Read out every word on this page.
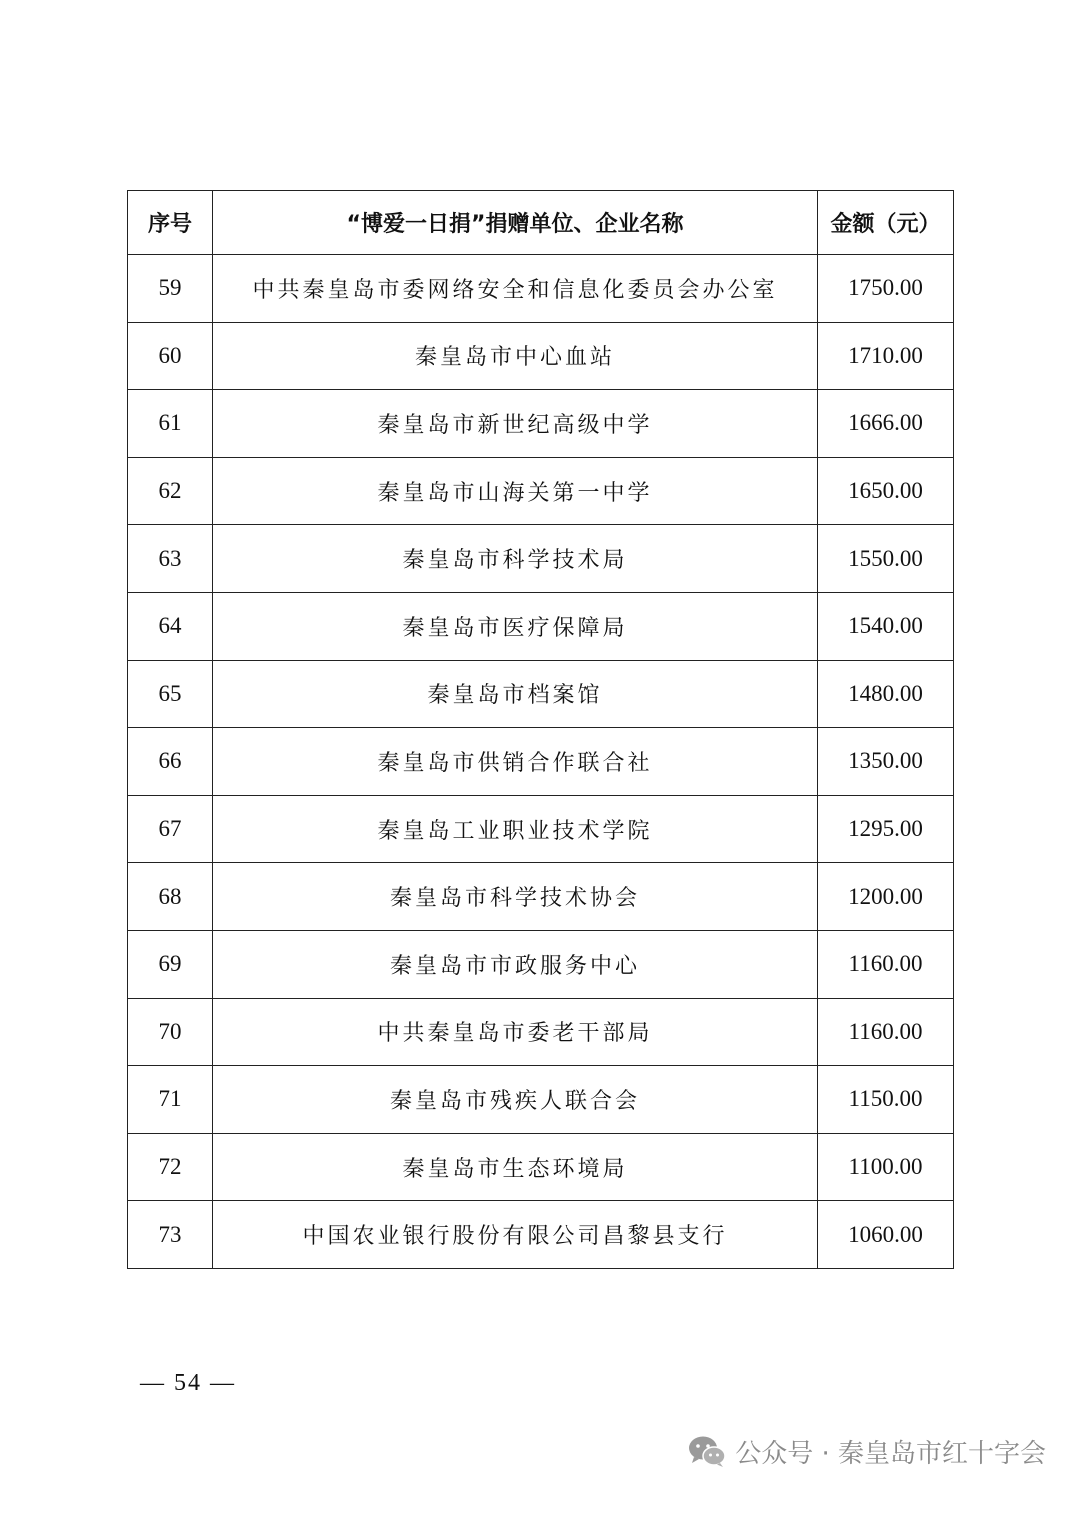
序号	“博爱一日捐”捐赠单位、企业名称	金额（元）
59	中共秦皇岛市委网络安全和信息化委员会办公室	1750.00
60	秦皇岛市中心血站	1710.00
61	秦皇岛市新世纪高级中学	1666.00
62	秦皇岛市山海关第一中学	1650.00
63	秦皇岛市科学技术局	1550.00
64	秦皇岛市医疗保障局	1540.00
65	秦皇岛市档案馆	1480.00
66	秦皇岛市供销合作联合社	1350.00
67	秦皇岛工业职业技术学院	1295.00
68	秦皇岛市科学技术协会	1200.00
69	秦皇岛市市政服务中心	1160.00
70	中共秦皇岛市委老干部局	1160.00
71	秦皇岛市残疾人联合会	1150.00
72	秦皇岛市生态环境局	1100.00
73	中国农业银行股份有限公司昌黎县支行	1060.00
— 54 —
公众号 · 秦皇岛市红十字会
